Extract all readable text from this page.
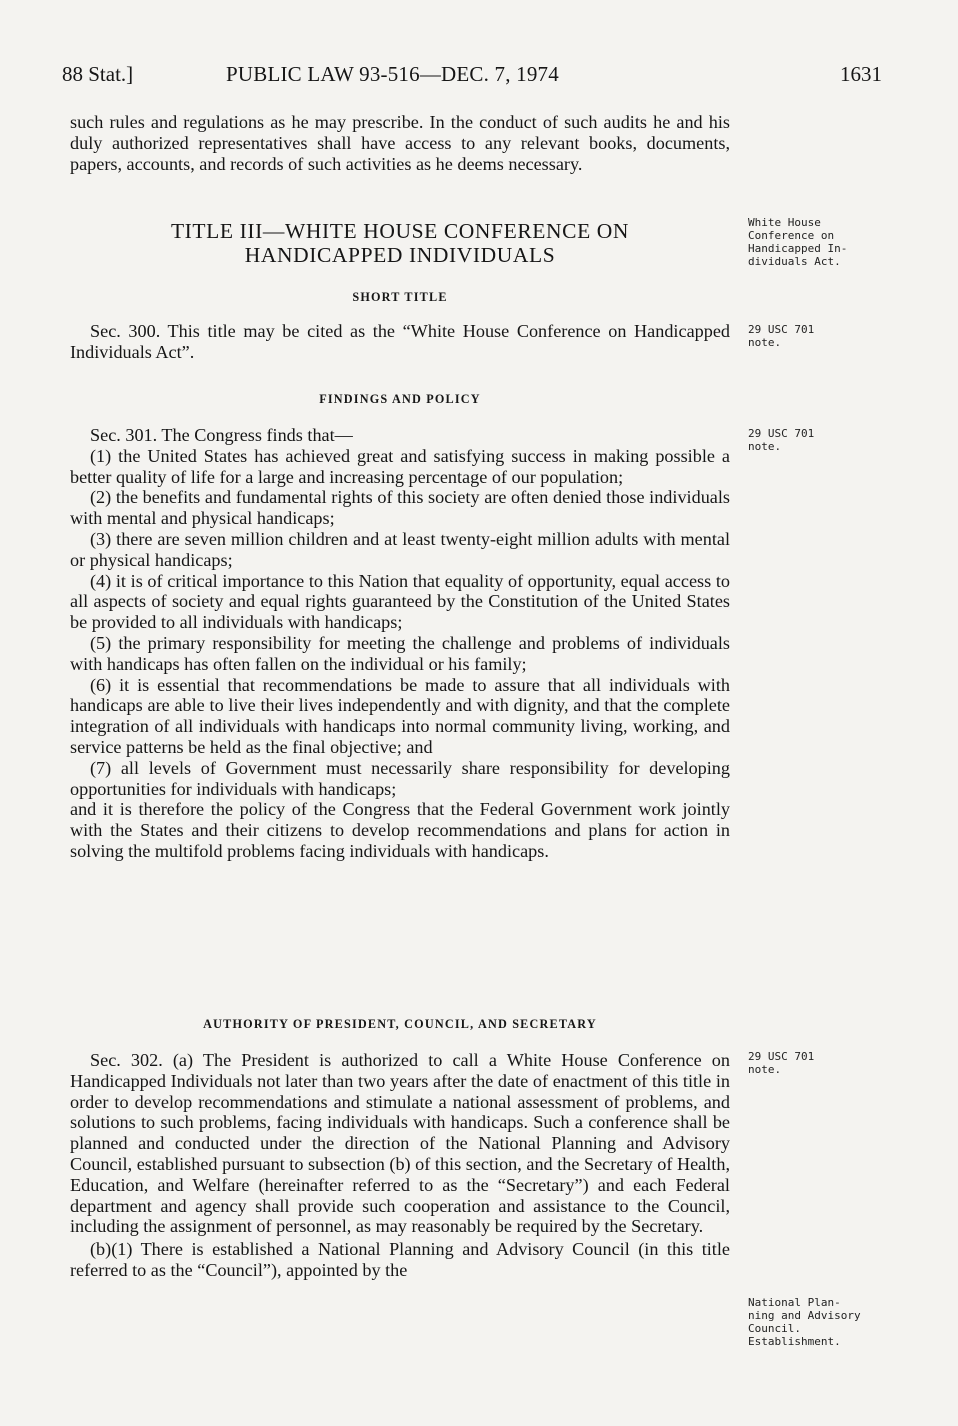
88 Stat.]	PUBLIC LAW 93-516—DEC. 7, 1974	1631

such rules and regulations as he may prescribe. In the conduct of such audits he and his duly authorized representatives shall have access to any relevant books, documents, papers, accounts, and records of such activities as he deems necessary.

TITLE III—WHITE HOUSE CONFERENCE ON
HANDICAPPED INDIVIDUALS
White House
Conference on
Handicapped In-
dividuals Act.
SHORT TITLE

Sec. 300. This title may be cited as the “White House Conference on Handicapped Individuals Act”.

29 USC 701
note.
FINDINGS AND POLICY

Sec. 301. The Congress finds that—

(1) the United States has achieved great and satisfying success in making possible a better quality of life for a large and increasing percentage of our population;

(2) the benefits and fundamental rights of this society are often denied those individuals with mental and physical handicaps;

(3) there are seven million children and at least twenty-eight million adults with mental or physical handicaps;

(4) it is of critical importance to this Nation that equality of opportunity, equal access to all aspects of society and equal rights guaranteed by the Constitution of the United States be provided to all individuals with handicaps;

(5) the primary responsibility for meeting the challenge and problems of individuals with handicaps has often fallen on the individual or his family;

(6) it is essential that recommendations be made to assure that all individuals with handicaps are able to live their lives independently and with dignity, and that the complete integration of all individuals with handicaps into normal community living, working, and service patterns be held as the final objective; and

(7) all levels of Government must necessarily share responsibility for developing opportunities for individuals with handicaps;

and it is therefore the policy of the Congress that the Federal Government work jointly with the States and their citizens to develop recommendations and plans for action in solving the multifold problems facing individuals with handicaps.

29 USC 701
note.
AUTHORITY OF PRESIDENT, COUNCIL, AND SECRETARY

Sec. 302. (a) The President is authorized to call a White House Conference on Handicapped Individuals not later than two years after the date of enactment of this title in order to develop recommendations and stimulate a national assessment of problems, and solutions to such problems, facing individuals with handicaps. Such a conference shall be planned and conducted under the direction of the National Planning and Advisory Council, established pursuant to subsection (b) of this section, and the Secretary of Health, Education, and Welfare (hereinafter referred to as the “Secretary”) and each Federal department and agency shall provide such cooperation and assistance to the Council, including the assignment of personnel, as may reasonably be required by the Secretary.

(b)(1) There is established a National Planning and Advisory Council (in this title referred to as the “Council”), appointed by the

29 USC 701
note.
National Plan-
ning and Advisory
Council.
Establishment.
